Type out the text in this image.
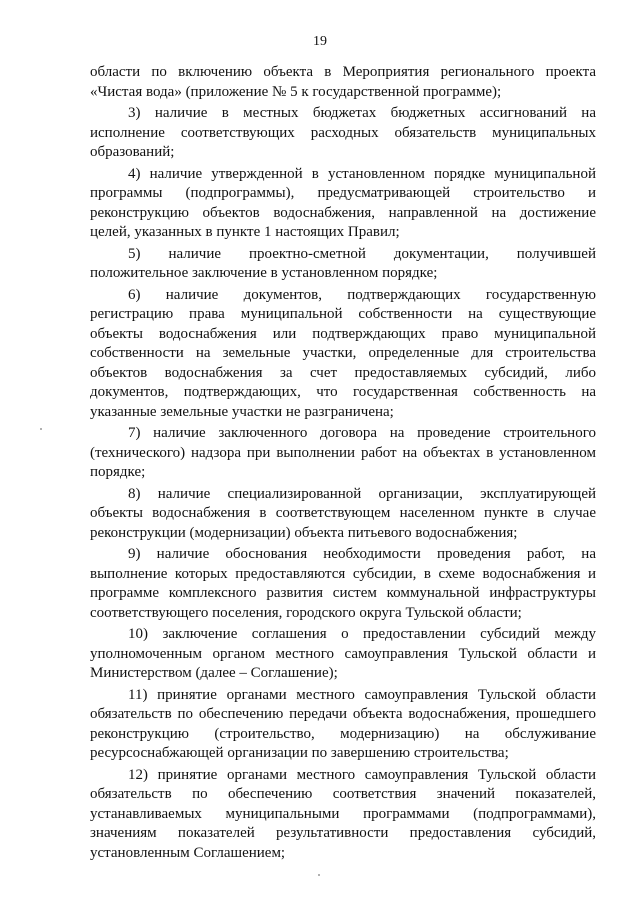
19
области по включению объекта в Мероприятия регионального проекта
«Чистая вода» (приложение № 5 к государственной программе);
3) наличие в местных бюджетах бюджетных ассигнований на
исполнение соответствующих расходных обязательств муниципальных
образований;
4) наличие утвержденной в установленном порядке муниципальной
программы (подпрограммы), предусматривающей строительство и
реконструкцию объектов водоснабжения, направленной на достижение
целей, указанных в пункте 1 настоящих Правил;
5) наличие проектно-сметной документации, получившей
положительное заключение в установленном порядке;
6) наличие документов, подтверждающих государственную
регистрацию права муниципальной собственности на существующие
объекты водоснабжения или подтверждающих право муниципальной
собственности на земельные участки, определенные для строительства
объектов водоснабжения за счет предоставляемых субсидий, либо
документов, подтверждающих, что государственная собственность на
указанные земельные участки не разграничена;
7) наличие заключенного договора на проведение строительного
(технического) надзора при выполнении работ на объектах в установленном
порядке;
8) наличие специализированной организации, эксплуатирующей
объекты водоснабжения в соответствующем населенном пункте в случае
реконструкции (модернизации) объекта питьевого водоснабжения;
9) наличие обоснования необходимости проведения работ, на
выполнение которых предоставляются субсидии, в схеме водоснабжения и
программе комплексного развития систем коммунальной инфраструктуры
соответствующего поселения, городского округа Тульской области;
10) заключение соглашения о предоставлении субсидий между
уполномоченным органом местного самоуправления Тульской области и
Министерством (далее – Соглашение);
11) принятие органами местного самоуправления Тульской области
обязательств по обеспечению передачи объекта водоснабжения, прошедшего
реконструкцию (строительство, модернизацию) на обслуживание
ресурсоснабжающей организации по завершению строительства;
12) принятие органами местного самоуправления Тульской области
обязательств по обеспечению соответствия значений показателей,
устанавливаемых муниципальными программами (подпрограммами),
значениям показателей результативности предоставления субсидий,
установленным Соглашением;
